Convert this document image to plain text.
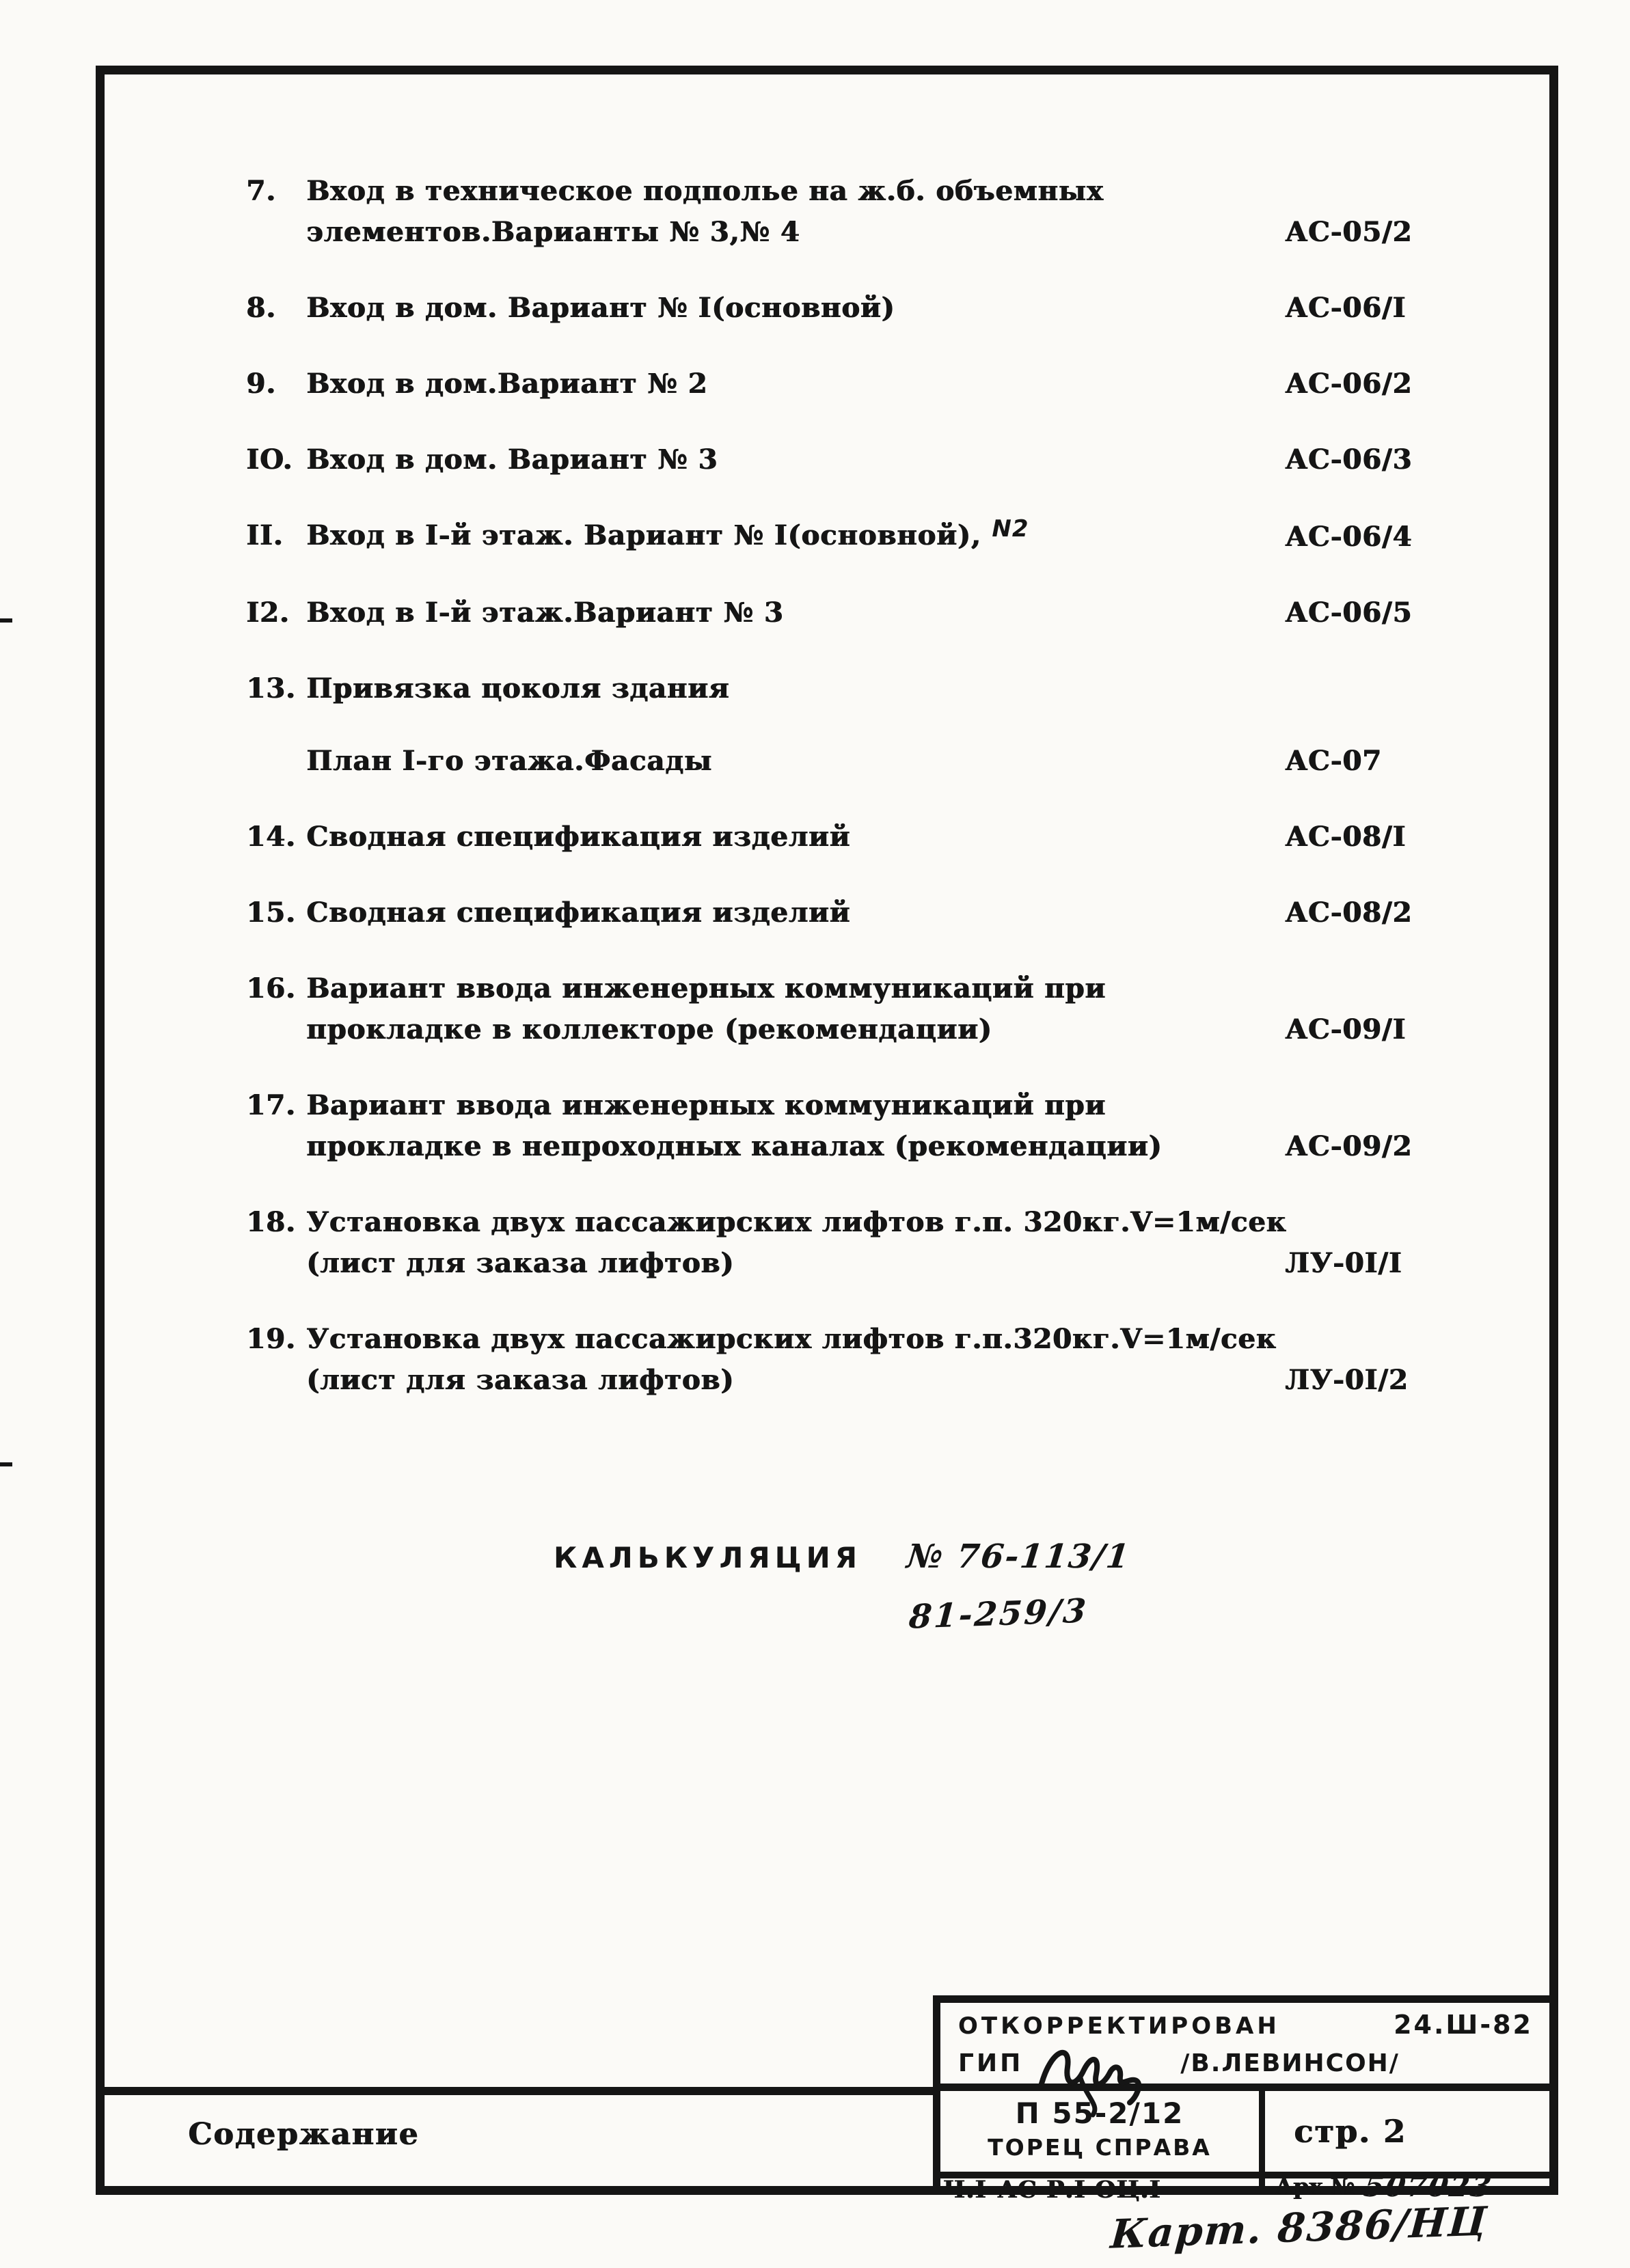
7.	Вход в техническое подполье на ж.б. объемных
элементов.Варианты № 3,№ 4	АС-05/2
8.	Вход в дом. Вариант № I(основной)	АС-06/I
9.	Вход в дом.Вариант № 2	АС-06/2
IO. Вход в дом. Вариант № 3	АС-06/3
II. Вход в I-й этаж. Вариант № I(основной), $^{N2}$	АС-06/4
I2. Вход в I-й этаж.Вариант № 3	АС-06/5
13. Привязка цоколя здания
План I-го этажа.Фасады	АС-07
14. Сводная спецификация изделий	АС-08/I
15. Сводная спецификация изделий	АС-08/2
16. Вариант ввода инженерных коммуникаций при
прокладке в коллекторе (рекомендации)	АС-09/I
17. Вариант ввода инженерных коммуникаций при
прокладке в непроходных каналах (рекомендации)	АС-09/2
18. Установка двух пассажирских лифтов г.п. 320кг.V=1м/сек
(лист для заказа лифтов)	ЛУ-0I/I
19. Установка двух пассажирских лифтов г.п.320кг.V=1м/сек
(лист для заказа лифтов)	ЛУ-0I/2
КАЛЬКУЛЯЦИЯ № 76-113/1
81-259/3
Содержание
ОТКОРРЕКТИРОВАН	24.Ш-82
ГИП	/В.ЛЕВИНСОН/
П 55-2/12
ТОРЕЦ СПРАВА	стр. 2
Ч.I-АС Р.I ОЦ.I	Арх № 507023
Карт. 8386/НЦ
